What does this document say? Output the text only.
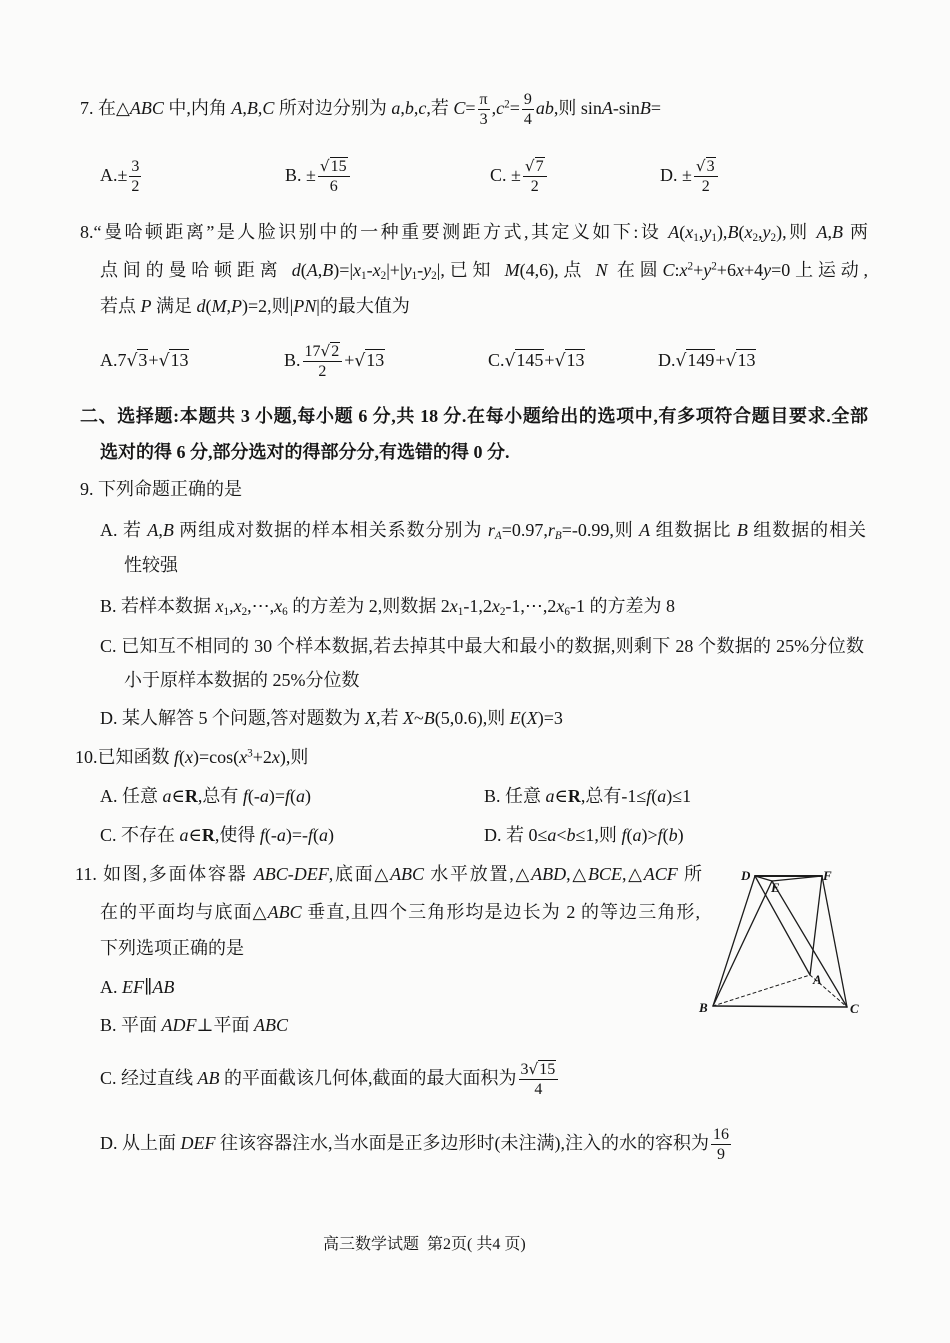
7. 在△ABC 中,内角 A,B,C 所对边分别为 a,b,c,若 $C= \frac{\pi}{3} ,c^2= \frac{9}{4}$ ab,则 sinA-sinB=
$A.\pm \frac{3}{2}$	B. ± √ $\frac{15}{6}$	C. ± √ $\frac{7}{2}$	D. ± √ $\frac{3}{2}$
8.“曼哈顿距离”是人脸识别中的一种重要测距方式,其定义如下:设 $A(x_1,y_1),B(x_2,y_2)$,则 A,B 两
点间的曼哈顿距离 $d(A,B)=|x_1-x_2|+|y_1-y_2|$,已知 M(4,6),点 N 在圆$C:x^2+y^2+6x+4y=0$上运动,
若点 P 满足 d(M,P)=2,则|PN|的最大值为
A.7 √ 3+ √ 13	B. $\frac{17 √ 2}{2}$ + √ 13	C. √ 145+ √ 13	D. √ 149+ √ 13
二、选择题:本题共 3 小题,每小题 6 分,共 18 分.在每小题给出的选项中,有多项符合题目要求.全部
选对的得 6 分,部分选对的得部分分,有选错的得 0 分.
9. 下列命题正确的是
A. 若 A,B 两组成对数据的样本相关系数分别为 $r_A=0.97,r_B=-0.99$,则 A 组数据比 B 组数据的相关
性较强
B. 若样本数据 $x_1,x_2,\cdots,x_6$ 的方差为 2,则数据 $2x_1-1,2x_2-1,\cdots,2x_6-1$ 的方差为 8
C. 已知互不相同的 30 个样本数据,若去掉其中最大和最小的数据,则剩下 28 个数据的 25%分位数
小于原样本数据的 25%分位数
D. 某人解答 5 个问题,答对题数为 X,若 X~B(5,0.6),则 E(X)=3
10.已知函数 $f(x)=\cos(x^3+2x)$,则
A. 任意 a∈R,总有 f(-a)=f(a)	B. 任意 a∈R,总有-1≤f(a)≤1
C. 不存在 a∈R,使得 f(-a)=-f(a)	D. 若 0≤a<b≤1,则 f(a)>f(b)
11. 如图,多面体容器 ABC-DEF,底面△ABC 水平放置,△ABD,△BCE,△ACF 所
在的平面均与底面△ABC 垂直,且四个三角形均是边长为 2 的等边三角形,
下列选项正确的是
A. EF∥AB
B. 平面 ADF⊥平面 ABC
C. 经过直线 AB 的平面截该几何体,截面的最大面积为 $\frac{3 √ 15}{4}$
D. 从上面 DEF 往该容器注水,当水面是正多边形时(未注满),注入的水的容积为 $\frac{16}{9}$
D
E
F
A
B	C
高三数学试题  第2页( 共4 页)
